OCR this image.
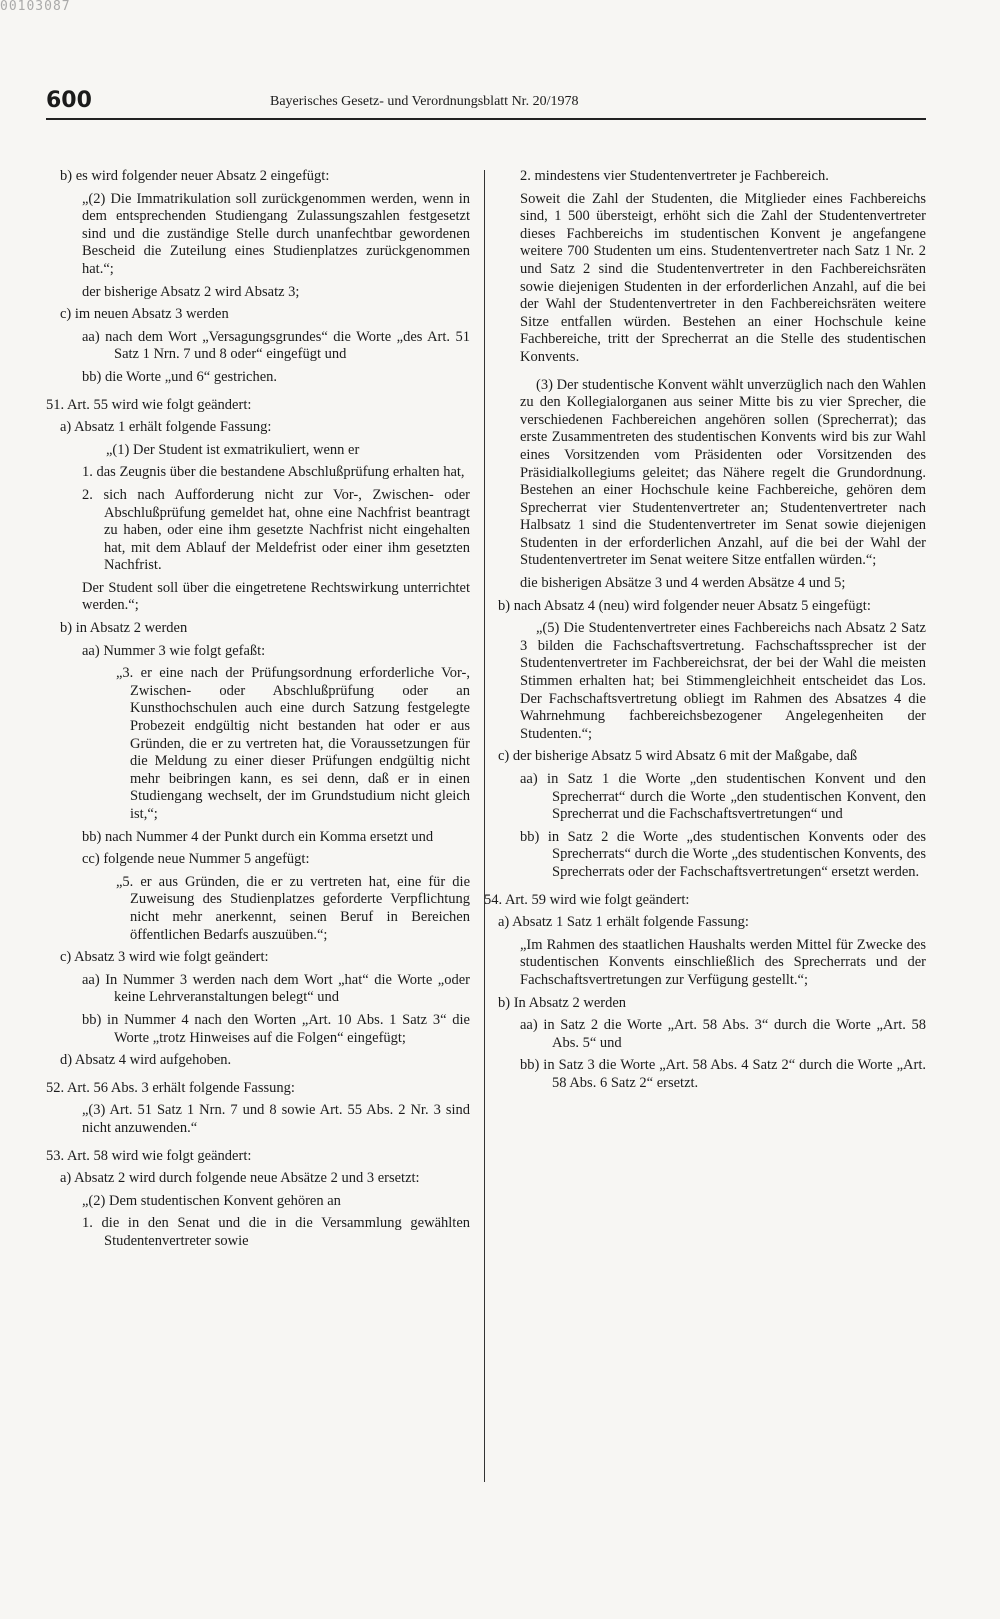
00103087
600	Bayerisches Gesetz- und Verordnungsblatt Nr. 20/1978

b) es wird folgender neuer Absatz 2 eingefügt:

„(2) Die Immatrikulation soll zurückgenommen werden, wenn in dem entsprechenden Studiengang Zulassungszahlen festgesetzt sind und die zuständige Stelle durch unanfechtbar gewordenen Bescheid die Zuteilung eines Studienplatzes zurückgenommen hat.“;

der bisherige Absatz 2 wird Absatz 3;

c) im neuen Absatz 3 werden

aa) nach dem Wort „Versagungsgrundes“ die Worte „des Art. 51 Satz 1 Nrn. 7 und 8 oder“ eingefügt und

bb) die Worte „und 6“ gestrichen.

51. Art. 55 wird wie folgt geändert:

a) Absatz 1 erhält folgende Fassung:

„(1) Der Student ist exmatrikuliert, wenn er

1. das Zeugnis über die bestandene Abschlußprüfung erhalten hat,

2. sich nach Aufforderung nicht zur Vor-, Zwischen- oder Abschlußprüfung gemeldet hat, ohne eine Nachfrist beantragt zu haben, oder eine ihm gesetzte Nachfrist nicht eingehalten hat, mit dem Ablauf der Meldefrist oder einer ihm gesetzten Nachfrist.

Der Student soll über die eingetretene Rechtswirkung unterrichtet werden.“;

b) in Absatz 2 werden

aa) Nummer 3 wie folgt gefaßt:

„3. er eine nach der Prüfungsordnung erforderliche Vor-, Zwischen- oder Abschlußprüfung oder an Kunsthochschulen auch eine durch Satzung festgelegte Probezeit endgültig nicht bestanden hat oder er aus Gründen, die er zu vertreten hat, die Voraussetzungen für die Meldung zu einer dieser Prüfungen endgültig nicht mehr beibringen kann, es sei denn, daß er in einen Studiengang wechselt, der im Grundstudium nicht gleich ist,“;

bb) nach Nummer 4 der Punkt durch ein Komma ersetzt und

cc) folgende neue Nummer 5 angefügt:

„5. er aus Gründen, die er zu vertreten hat, eine für die Zuweisung des Studienplatzes geforderte Verpflichtung nicht mehr anerkennt, seinen Beruf in Bereichen öffentlichen Bedarfs auszuüben.“;

c) Absatz 3 wird wie folgt geändert:

aa) In Nummer 3 werden nach dem Wort „hat“ die Worte „oder keine Lehrveranstaltungen belegt“ und

bb) in Nummer 4 nach den Worten „Art. 10 Abs. 1 Satz 3“ die Worte „trotz Hinweises auf die Folgen“ eingefügt;

d) Absatz 4 wird aufgehoben.

52. Art. 56 Abs. 3 erhält folgende Fassung:

„(3) Art. 51 Satz 1 Nrn. 7 und 8 sowie Art. 55 Abs. 2 Nr. 3 sind nicht anzuwenden.“

53. Art. 58 wird wie folgt geändert:

a) Absatz 2 wird durch folgende neue Absätze 2 und 3 ersetzt:

„(2) Dem studentischen Konvent gehören an

1. die in den Senat und die in die Versammlung gewählten Studentenvertreter sowie

2. mindestens vier Studentenvertreter je Fachbereich.

Soweit die Zahl der Studenten, die Mitglieder eines Fachbereichs sind, 1 500 übersteigt, erhöht sich die Zahl der Studentenvertreter dieses Fachbereichs im studentischen Konvent je angefangene weitere 700 Studenten um eins. Studentenvertreter nach Satz 1 Nr. 2 und Satz 2 sind die Studentenvertreter in den Fachbereichsräten sowie diejenigen Studenten in der erforderlichen Anzahl, auf die bei der Wahl der Studentenvertreter in den Fachbereichsräten weitere Sitze entfallen würden. Bestehen an einer Hochschule keine Fachbereiche, tritt der Sprecherrat an die Stelle des studentischen Konvents.

(3) Der studentische Konvent wählt unverzüglich nach den Wahlen zu den Kollegialorganen aus seiner Mitte bis zu vier Sprecher, die verschiedenen Fachbereichen angehören sollen (Sprecherrat); das erste Zusammentreten des studentischen Konvents wird bis zur Wahl eines Vorsitzenden vom Präsidenten oder Vorsitzenden des Präsidialkollegiums geleitet; das Nähere regelt die Grundordnung. Bestehen an einer Hochschule keine Fachbereiche, gehören dem Sprecherrat vier Studentenvertreter an; Studentenvertreter nach Halbsatz 1 sind die Studentenvertreter im Senat sowie diejenigen Studenten in der erforderlichen Anzahl, auf die bei der Wahl der Studentenvertreter im Senat weitere Sitze entfallen würden.“;

die bisherigen Absätze 3 und 4 werden Absätze 4 und 5;

b) nach Absatz 4 (neu) wird folgender neuer Absatz 5 eingefügt:

„(5) Die Studentenvertreter eines Fachbereichs nach Absatz 2 Satz 3 bilden die Fachschaftsvertretung. Fachschaftssprecher ist der Studentenvertreter im Fachbereichsrat, der bei der Wahl die meisten Stimmen erhalten hat; bei Stimmengleichheit entscheidet das Los. Der Fachschaftsvertretung obliegt im Rahmen des Absatzes 4 die Wahrnehmung fachbereichsbezogener Angelegenheiten der Studenten.“;

c) der bisherige Absatz 5 wird Absatz 6 mit der Maßgabe, daß

aa) in Satz 1 die Worte „den studentischen Konvent und den Sprecherrat“ durch die Worte „den studentischen Konvent, den Sprecherrat und die Fachschaftsvertretungen“ und

bb) in Satz 2 die Worte „des studentischen Konvents oder des Sprecherrats“ durch die Worte „des studentischen Konvents, des Sprecherrats oder der Fachschaftsvertretungen“ ersetzt werden.

54. Art. 59 wird wie folgt geändert:

a) Absatz 1 Satz 1 erhält folgende Fassung:

„Im Rahmen des staatlichen Haushalts werden Mittel für Zwecke des studentischen Konvents einschließlich des Sprecherrats und der Fachschaftsvertretungen zur Verfügung gestellt.“;

b) In Absatz 2 werden

aa) in Satz 2 die Worte „Art. 58 Abs. 3“ durch die Worte „Art. 58 Abs. 5“ und

bb) in Satz 3 die Worte „Art. 58 Abs. 4 Satz 2“ durch die Worte „Art. 58 Abs. 6 Satz 2“ ersetzt.
